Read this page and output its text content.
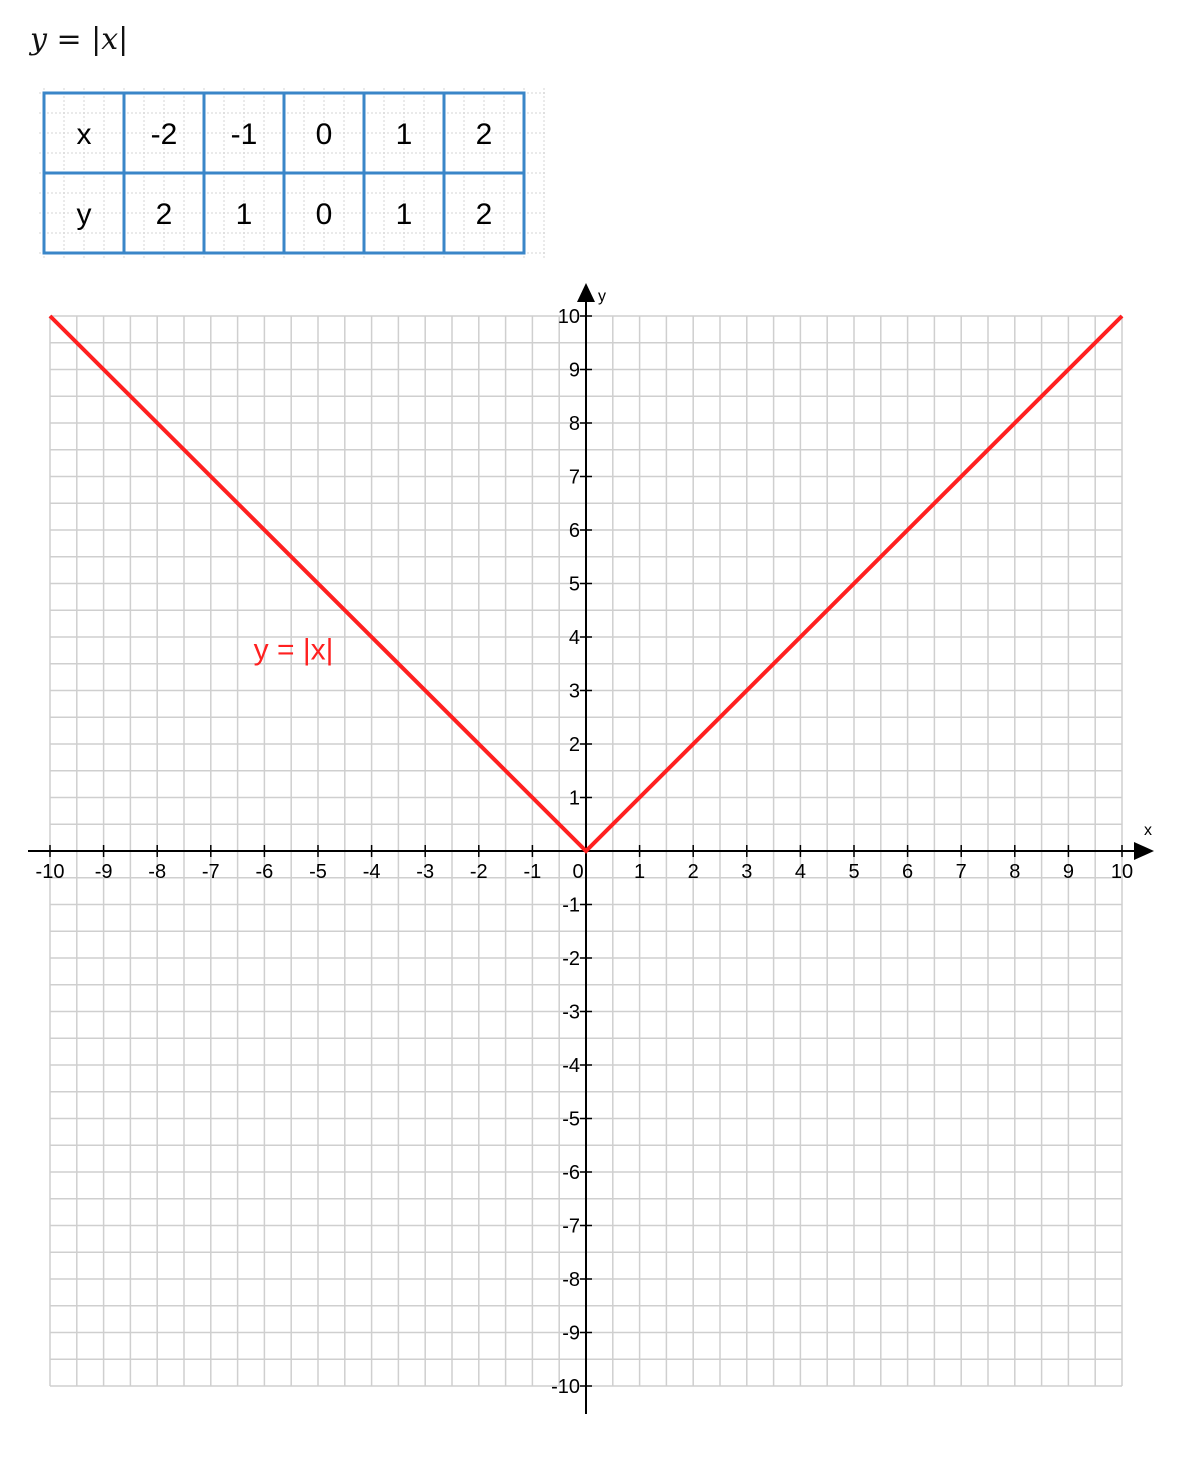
y = |x|
x -2 -1 0 1 2
y 2 1 0 1 2
x
y
-10 -9 -8 -7 -6 -5 -4 -3 -2 -1 0	1 2 3 4 5 6 7 8 9 10
-10
-9
-8
-7
-6
-5
-4
-3
-2
-1
1
2
3
4
5
6
7
8
9
10
y = |x|
